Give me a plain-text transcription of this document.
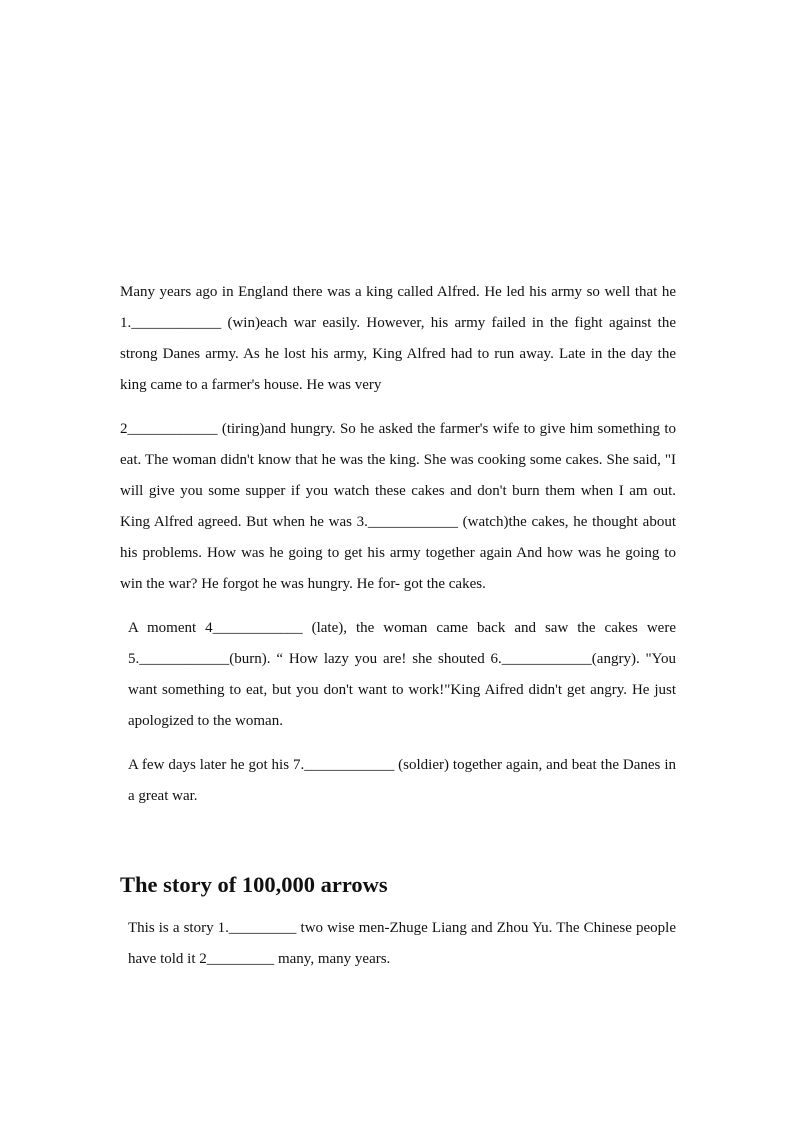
Many years ago in England there was a king called Alfred. He led his army so well that he 1.____________ (win)each war easily. However, his army failed in the fight against the strong Danes army. As he lost his army, King Alfred had to run away. Late in the day the king came to a farmer's house. He was very

2____________ (tiring)and hungry. So he asked the farmer's wife to give him something to eat. The woman didn't know that he was the king. She was cooking some cakes. She said, "I will give you some supper if you watch these cakes and don't burn them when I am out. King Alfred agreed. But when he was 3.____________ (watch)the cakes, he thought about his problems. How was he going to get his army together again And how was he going to win the war? He forgot he was hungry. He for- got the cakes.

A moment 4____________ (late), the woman came back and saw the cakes were 5.____________(burn). “ How lazy you are! she shouted 6.____________(angry). "You want something to eat, but you don't want to work!"King Aifred didn't get angry. He just apologized to the woman.

A few days later he got his 7.____________ (soldier) together again, and beat the Danes in a great war.

The story of 100,000 arrows

This is a story 1._________ two wise men-Zhuge Liang and Zhou Yu. The Chinese people have told it 2_________ many, many years.
